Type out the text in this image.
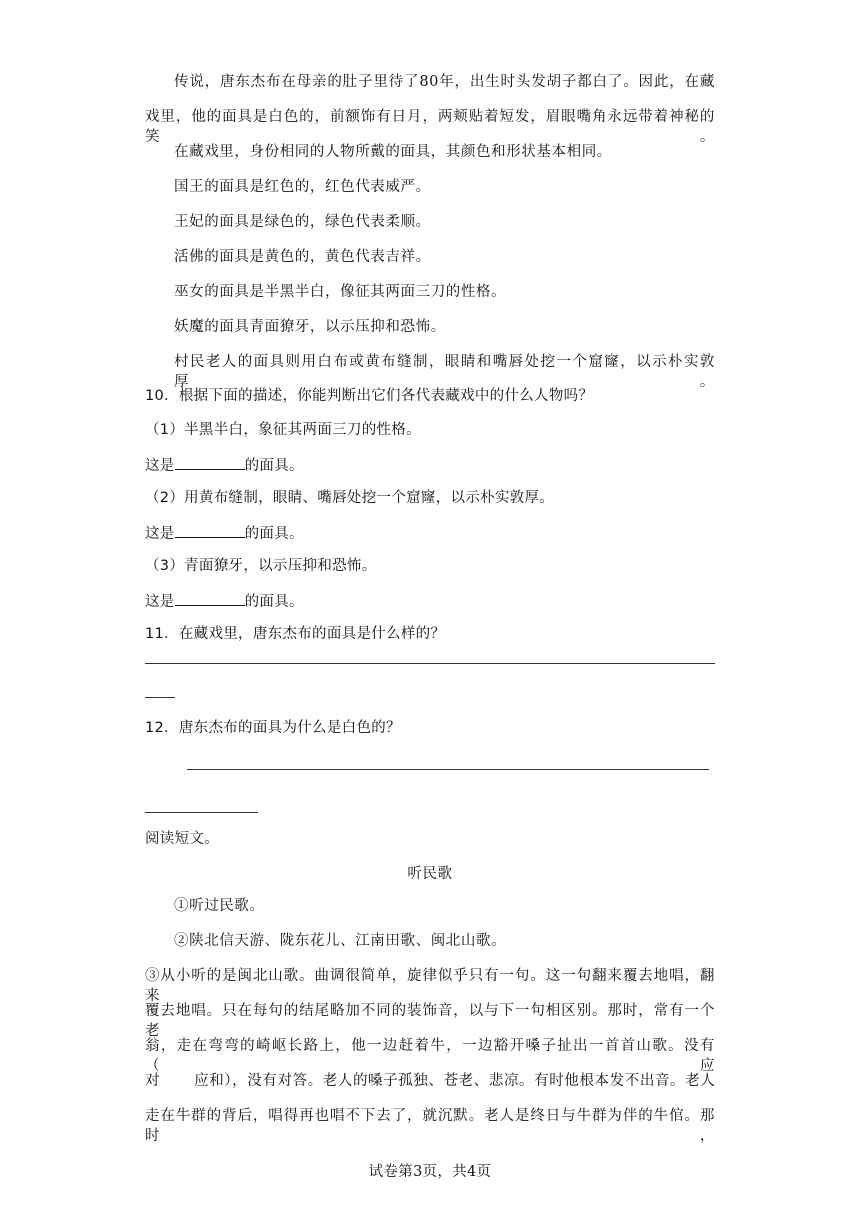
传说，唐东杰布在母亲的肚子里待了80年，出生时头发胡子都白了。因此，在藏
戏里，他的面具是白色的，前额饰有日月，两颊贴着短发，眉眼嘴角永远带着神秘的笑。
在藏戏里，身份相同的人物所戴的面具，其颜色和形状基本相同。
国王的面具是红色的，红色代表威严。
王妃的面具是绿色的，绿色代表柔顺。
活佛的面具是黄色的，黄色代表吉祥。
巫女的面具是半黑半白，像征其两面三刀的性格。
妖魔的面具青面獠牙，以示压抑和恐怖。
村民老人的面具则用白布或黄布缝制，眼睛和嘴唇处挖一个窟窿，以示朴实敦厚。
10．根据下面的描述，你能判断出它们各代表藏戏中的什么人物吗？
（1）半黑半白，象征其两面三刀的性格。
这是	的面具。
（2）用黄布缝制，眼睛、嘴唇处挖一个窟窿，以示朴实敦厚。
这是	的面具。
（3）青面獠牙，以示压抑和恐怖。
这是	的面具。
11．在藏戏里，唐东杰布的面具是什么样的？
12．唐东杰布的面具为什么是白色的？
阅读短文。
听民歌
①听过民歌。
②陕北信天游、陇东花儿、江南田歌、闽北山歌。
③从小听的是闽北山歌。曲调很简单，旋律似乎只有一句。这一句翻来覆去地唱，翻来
覆去地唱。只在每句的结尾略加不同的装饰音，以与下一句相区别。那时，常有一个老
翁，走在弯弯的崎岖长路上，他一边赶着牛，一边豁开嗓子扯出一首首山歌。没有（应
对 应和），没有对答。老人的嗓子孤独、苍老、悲凉。有时他根本发不出音。老人
走在牛群的背后，唱得再也唱不下去了，就沉默。老人是终日与牛群为伴的牛倌。那时，
试卷第3页，共4页
